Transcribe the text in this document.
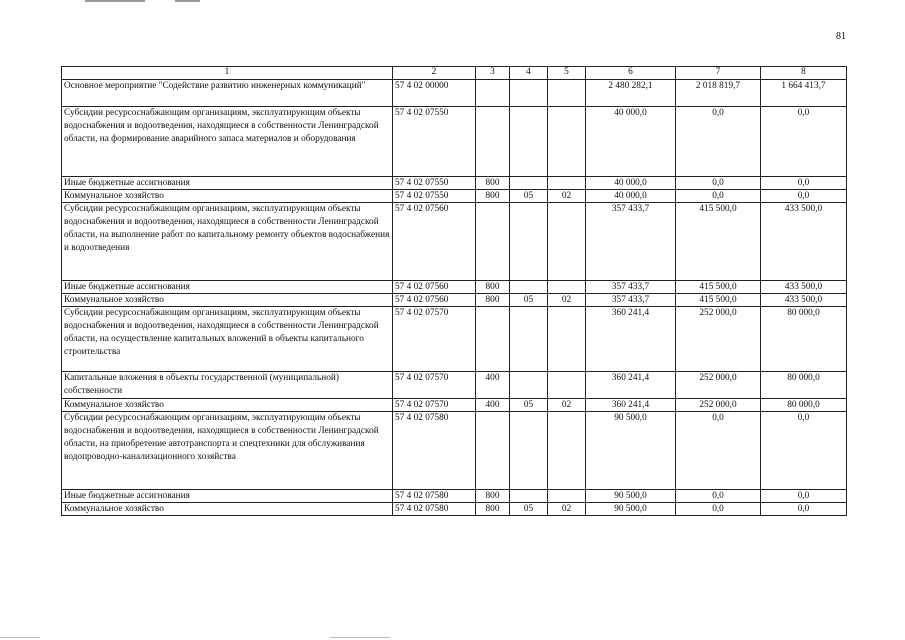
81
1	2	3	4	5	6	7	8
Основное мероприятие "Содействие развитию инженерных коммуникаций"	57 4 02 00000				2 480 282,1	2 018 819,7	1 664 413,7
Субсидии ресурсоснабжающим организациям, эксплуатирующим объекты водоснабжения и водоотведения, находящиеся в собственности Ленинградской области, на формирование аварийного запаса материалов и оборудования	57 4 02 07550				40 000,0	0,0	0,0
Иные бюджетные ассигнования	57 4 02 07550	800			40 000,0	0,0	0,0
Коммунальное хозяйство	57 4 02 07550	800	05	02	40 000,0	0,0	0,0
Субсидии ресурсоснабжающим организациям, эксплуатирующим объекты водоснабжения и водоотведения, находящиеся в собственности Ленинградской области, на выполнение работ по капитальному ремонту объектов водоснабжения и водоотведения	57 4 02 07560				357 433,7	415 500,0	433 500,0
Иные бюджетные ассигнования	57 4 02 07560	800			357 433,7	415 500,0	433 500,0
Коммунальное хозяйство	57 4 02 07560	800	05	02	357 433,7	415 500,0	433 500,0
Субсидии ресурсоснабжающим организациям, эксплуатирующим объекты водоснабжения и водоотведения, находящиеся в собственности Ленинградской области, на осуществление капитальных вложений в объекты капитального строительства	57 4 02 07570				360 241,4	252 000,0	80 000,0
Капитальные вложения в объекты государственной (муниципальной) собственности	57 4 02 07570	400			360 241,4	252 000,0	80 000,0
Коммунальное хозяйство	57 4 02 07570	400	05	02	360 241,4	252 000,0	80 000,0
Субсидии ресурсоснабжающим организациям, эксплуатирующим объекты водоснабжения и водоотведения, находящиеся в собственности Ленинградской области, на приобретение автотранспорта и спецтехники для обслуживания водопроводно-канализационного хозяйства	57 4 02 07580				90 500,0	0,0	0,0
Иные бюджетные ассигнования	57 4 02 07580	800			90 500,0	0,0	0,0
Коммунальное хозяйство	57 4 02 07580	800	05	02	90 500,0	0,0	0,0
